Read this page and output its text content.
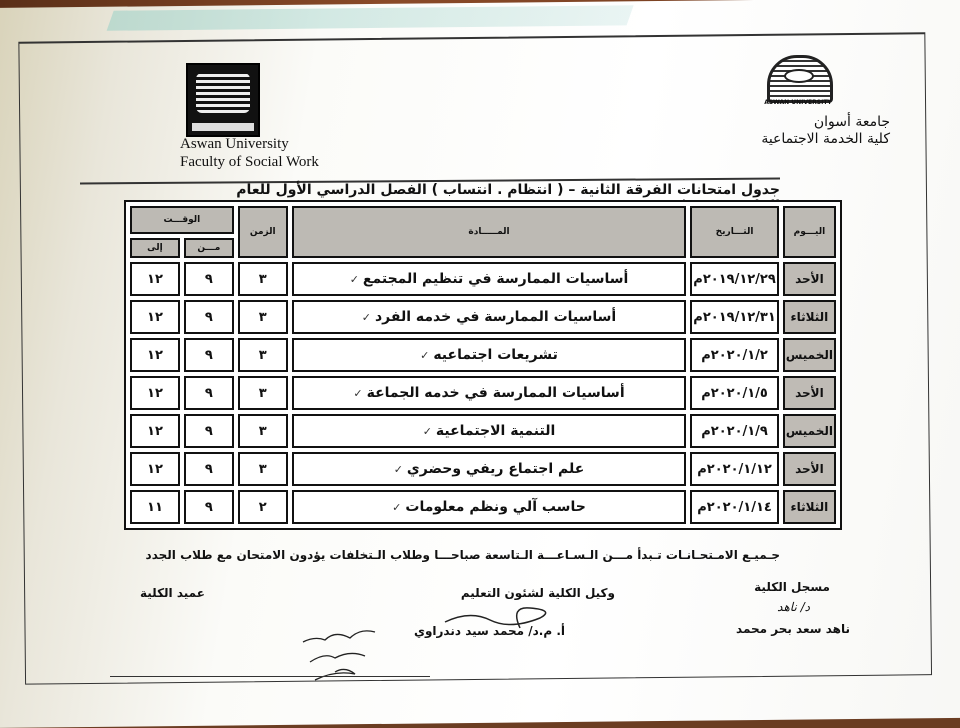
Aswan University
Faculty of Social Work
ASWAN UNIVERSITY
جامعة أسوان
كلية الخدمة الاجتماعية
جدول امتحانات الفرقة الثانية – ( انتظام . انتساب ) الفصل الدراسي الأول للعام
اليـــوم	التـــاريخ	المـــــادة	الزمن	الوقـــت	
				مـــن	إلى
الأحد	٢٠١٩/١٢/٢٩م	أساسيات الممارسة في تنظيم المجتمع✓	٣	٩	١٢
الثلاثاء	٢٠١٩/١٢/٣١م	أساسيات الممارسة في خدمه الفرد✓	٣	٩	١٢
الخميس	٢٠٢٠/١/٢م	تشريعات اجتماعيه✓	٣	٩	١٢
الأحد	٢٠٢٠/١/٥م	أساسيات الممارسة في خدمه الجماعة✓	٣	٩	١٢
الخميس	٢٠٢٠/١/٩م	التنمية الاجتماعية✓	٣	٩	١٢
الأحد	٢٠٢٠/١/١٢م	علم اجتماع ريفي وحضري✓	٣	٩	١٢
الثلاثاء	٢٠٢٠/١/١٤م	حاسب آلي ونظم معلومات✓	٢	٩	١١
جـميـع الامـتحـانـات تـبدأ مـــن الـسـاعـــة الـتاسعة صباحـــا وطلاب الـتخلفات يؤدون الامتحان مع طلاب الجدد
مسجل الكلية
د/ ناهد
ناهد سعد بحر محمد
وكيل الكلية لشئون التعليم
أ. م.د/ محمد سيد دندراوي
عميد الكلية
